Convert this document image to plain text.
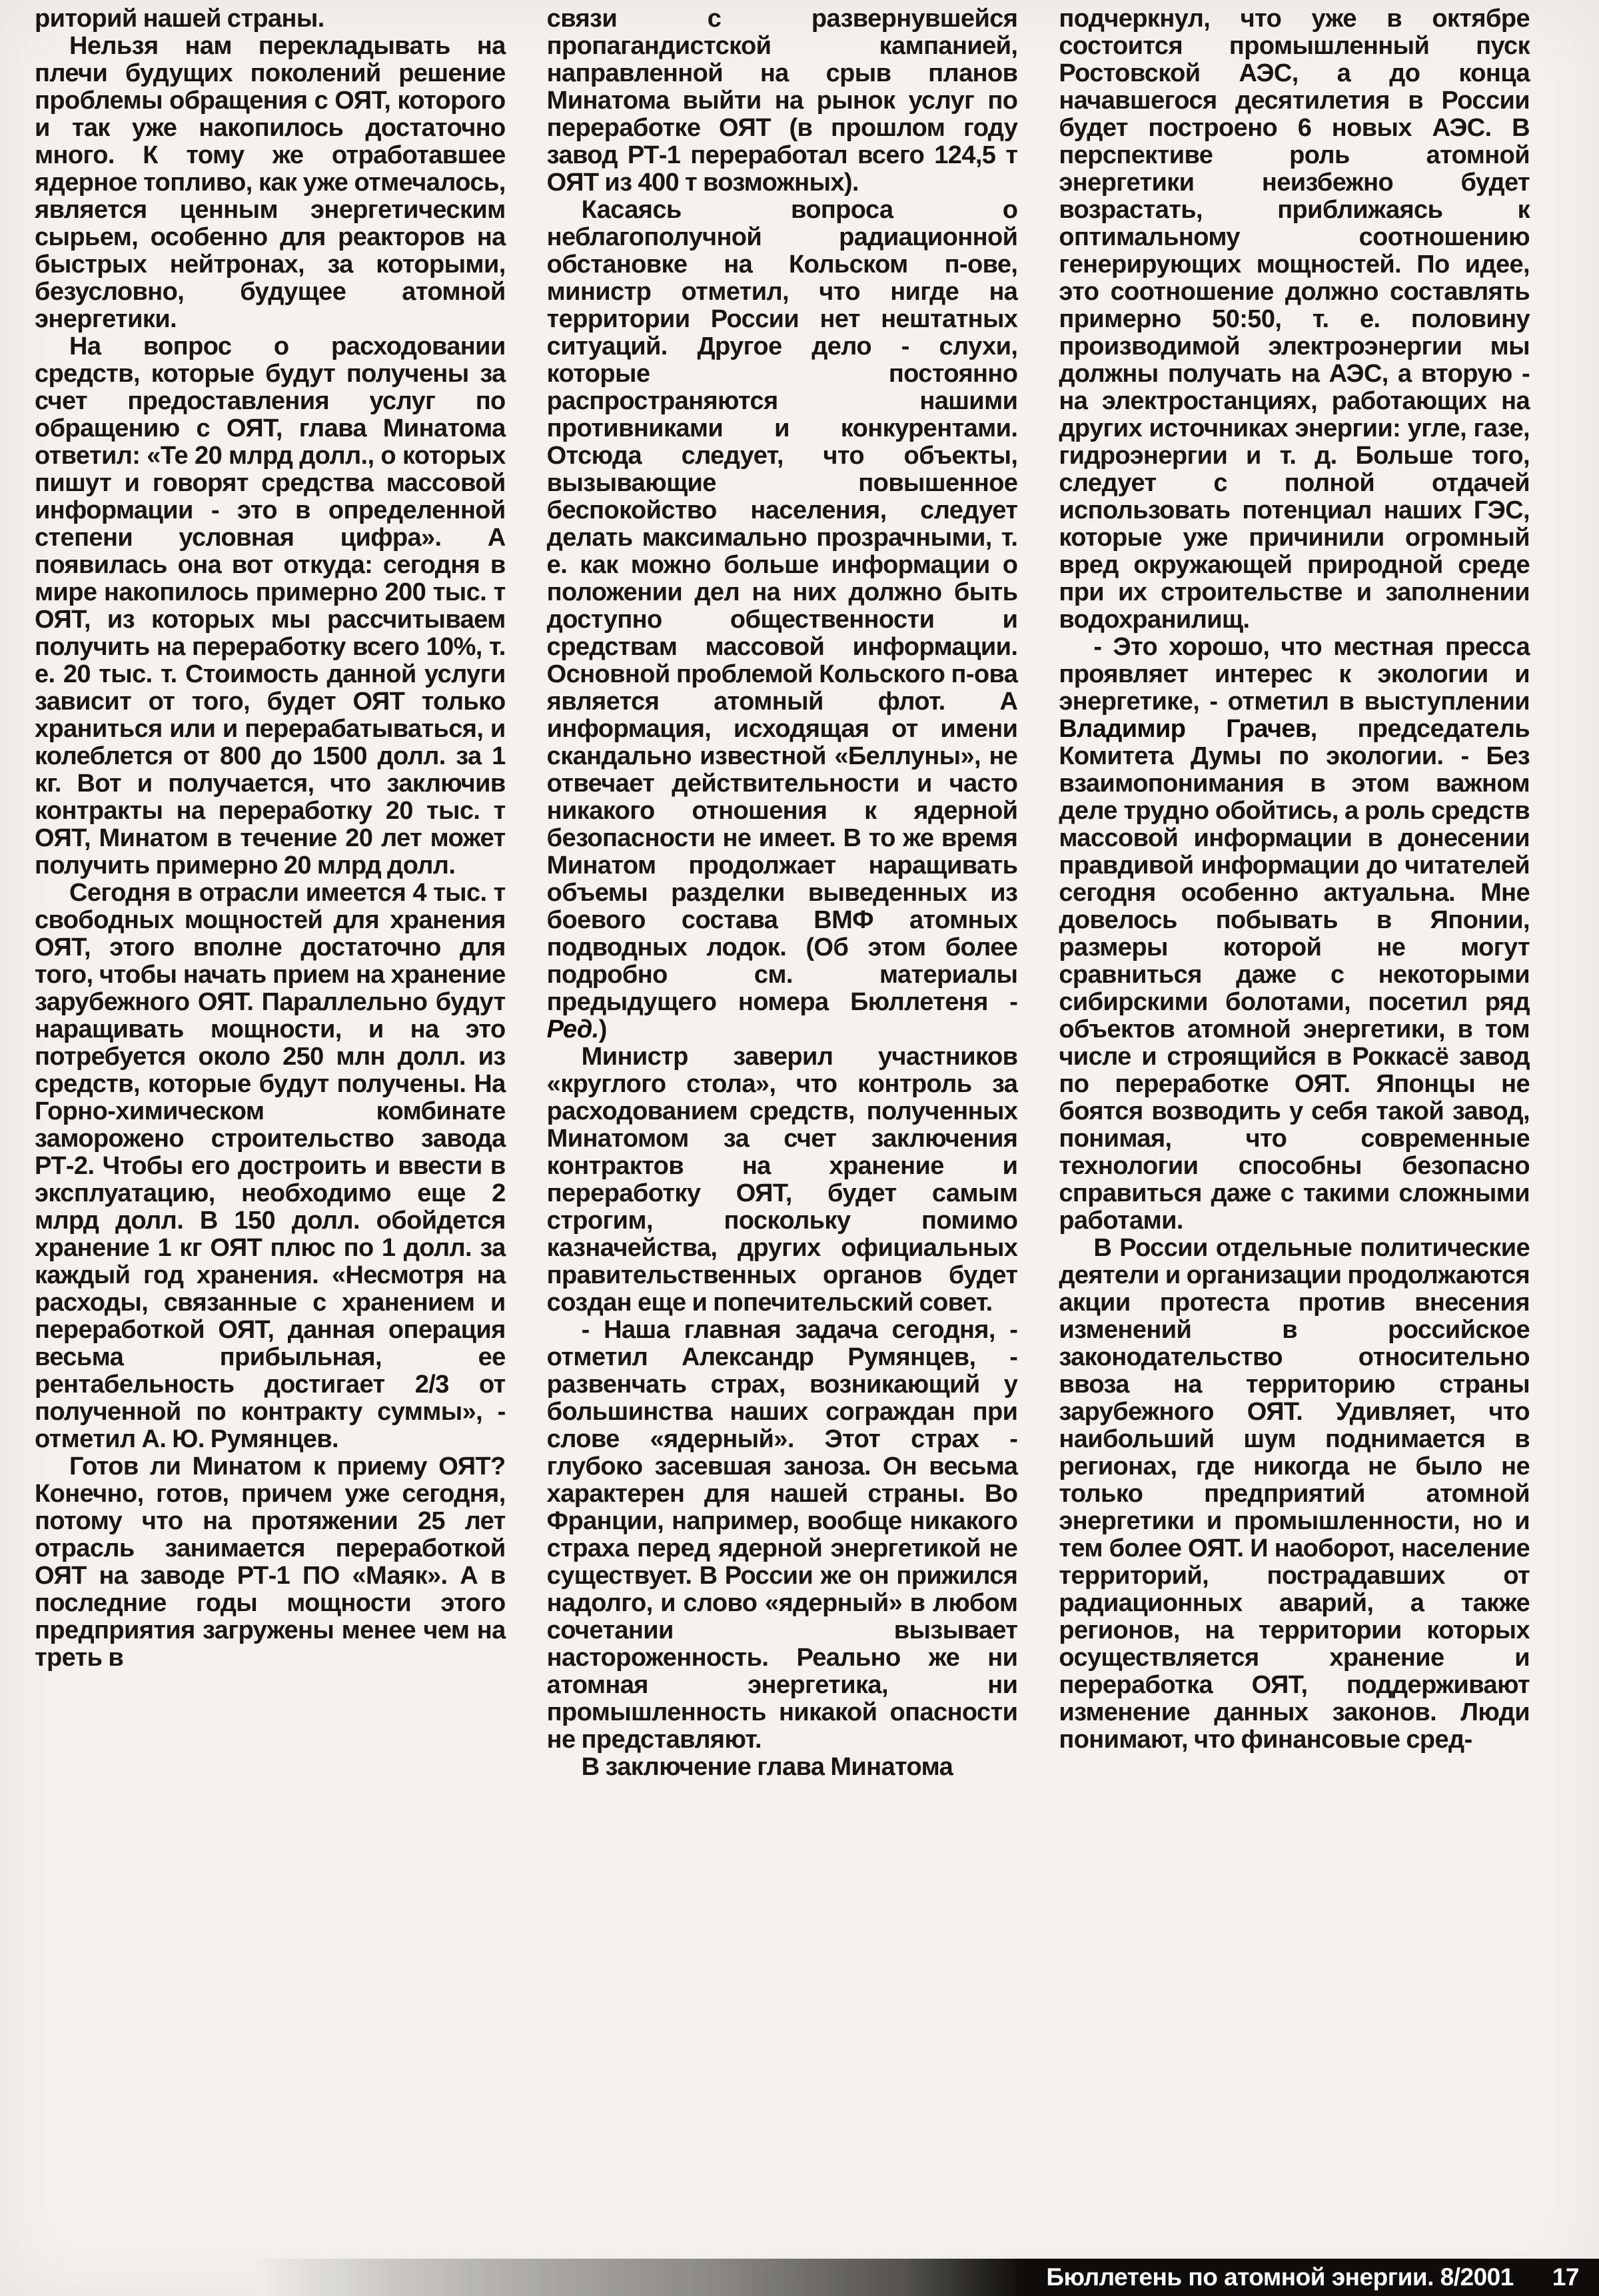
риторий нашей страны.

Нельзя нам перекладывать на плечи будущих поколений решение проблемы обращения с ОЯТ, которого и так уже накопилось достаточно много. К тому же отработавшее ядерное топливо, как уже отмечалось, является ценным энергетическим сырьем, особенно для реакторов на быстрых нейтронах, за которыми, безусловно, будущее атомной энергетики.

На вопрос о расходовании средств, которые будут получены за счет предоставления услуг по обращению с ОЯТ, глава Минатома ответил: «Те 20 млрд долл., о которых пишут и говорят средства массовой информации - это в определенной степени условная цифра». А появилась она вот откуда: сегодня в мире накопилось примерно 200 тыс. т ОЯТ, из которых мы рассчитываем получить на переработку всего 10%, т. е. 20 тыс. т. Стоимость данной услуги зависит от того, будет ОЯТ только храниться или и перерабатываться, и колеблется от 800 до 1500 долл. за 1 кг. Вот и получается, что заключив контракты на переработку 20 тыс. т ОЯТ, Минатом в течение 20 лет может получить примерно 20 млрд долл.

Сегодня в отрасли имеется 4 тыс. т свободных мощностей для хранения ОЯТ, этого вполне достаточно для того, чтобы начать прием на хранение зарубежного ОЯТ. Параллельно будут наращивать мощности, и на это потребуется около 250 млн долл. из средств, которые будут получены. На Горно-химическом комбинате заморожено строительство завода РТ-2. Чтобы его достроить и ввести в эксплуатацию, необходимо еще 2 млрд долл. В 150 долл. обойдется хранение 1 кг ОЯТ плюс по 1 долл. за каждый год хранения. «Несмотря на расходы, связанные с хранением и переработкой ОЯТ, данная операция весьма прибыльная, ее рентабельность достигает 2/3 от полученной по контракту суммы», - отметил А. Ю. Румянцев.

Готов ли Минатом к приему ОЯТ? Конечно, готов, причем уже сегодня, потому что на протяжении 25 лет отрасль занимается переработкой ОЯТ на заводе РТ-1 ПО «Маяк». А в последние годы мощности этого предприятия загружены менее чем на треть в

связи с развернувшейся пропагандистской кампанией, направленной на срыв планов Минатома выйти на рынок услуг по переработке ОЯТ (в прошлом году завод РТ-1 переработал всего 124,5 т ОЯТ из 400 т возможных).

Касаясь вопроса о неблагополучной радиационной обстановке на Кольском п-ове, министр отметил, что нигде на территории России нет нештатных ситуаций. Другое дело - слухи, которые постоянно распространяются нашими противниками и конкурентами. Отсюда следует, что объекты, вызывающие повышенное беспокойство населения, следует делать максимально прозрачными, т. е. как можно больше информации о положении дел на них должно быть доступно общественности и средствам массовой информации. Основной проблемой Кольского п-ова является атомный флот. А информация, исходящая от имени скандально известной «Беллуны», не отвечает действительности и часто никакого отношения к ядерной безопасности не имеет. В то же время Минатом продолжает наращивать объемы разделки выведенных из боевого состава ВМФ атомных подводных лодок. (Об этом более подробно см. материалы предыдущего номера Бюллетеня - Ред.)

Министр заверил участников «круглого стола», что контроль за расходованием средств, полученных Минатомом за счет заключения контрактов на хранение и переработку ОЯТ, будет самым строгим, поскольку помимо казначейства, других официальных правительственных органов будет создан еще и попечительский совет.

- Наша главная задача сегодня, - отметил Александр Румянцев, - развенчать страх, возникающий у большинства наших сограждан при слове «ядерный». Этот страх - глубоко засевшая заноза. Он весьма характерен для нашей страны. Во Франции, например, вообще никакого страха перед ядерной энергетикой не существует. В России же он прижился надолго, и слово «ядерный» в любом сочетании вызывает настороженность. Реально же ни атомная энергетика, ни промышленность никакой опасности не представляют.

В заключение глава Минатома

подчеркнул, что уже в октябре состоится промышленный пуск Ростовской АЭС, а до конца начавшегося десятилетия в России будет построено 6 новых АЭС. В перспективе роль атомной энергетики неизбежно будет возрастать, приближаясь к оптимальному соотношению генерирующих мощностей. По идее, это соотношение должно составлять примерно 50:50, т. е. половину производимой электроэнергии мы должны получать на АЭС, а вторую - на электростанциях, работающих на других источниках энергии: угле, газе, гидроэнергии и т. д. Больше того, следует с полной отдачей использовать потенциал наших ГЭС, которые уже причинили огромный вред окружающей природной среде при их строительстве и заполнении водохранилищ.

- Это хорошо, что местная пресса проявляет интерес к экологии и энергетике, - отметил в выступлении Владимир Грачев, председатель Комитета Думы по экологии. - Без взаимопонимания в этом важном деле трудно обойтись, а роль средств массовой информации в донесении правдивой информации до читателей сегодня особенно актуальна. Мне довелось побывать в Японии, размеры которой не могут сравниться даже с некоторыми сибирскими болотами, посетил ряд объектов атомной энергетики, в том числе и строящийся в Роккасё завод по переработке ОЯТ. Японцы не боятся возводить у себя такой завод, понимая, что современные технологии способны безопасно справиться даже с такими сложными работами.

В России отдельные политические деятели и организации продолжаются акции протеста против внесения изменений в российское законодательство относительно ввоза на территорию страны зарубежного ОЯТ. Удивляет, что наибольший шум поднимается в регионах, где никогда не было не только предприятий атомной энергетики и промышленности, но и тем более ОЯТ. И наоборот, население территорий, пострадавших от радиационных аварий, а также регионов, на территории которых осуществляется хранение и переработка ОЯТ, поддерживают изменение данных законов. Люди понимают, что финансовые сред-

Бюллетень по атомной энергии. 8/2001 17
